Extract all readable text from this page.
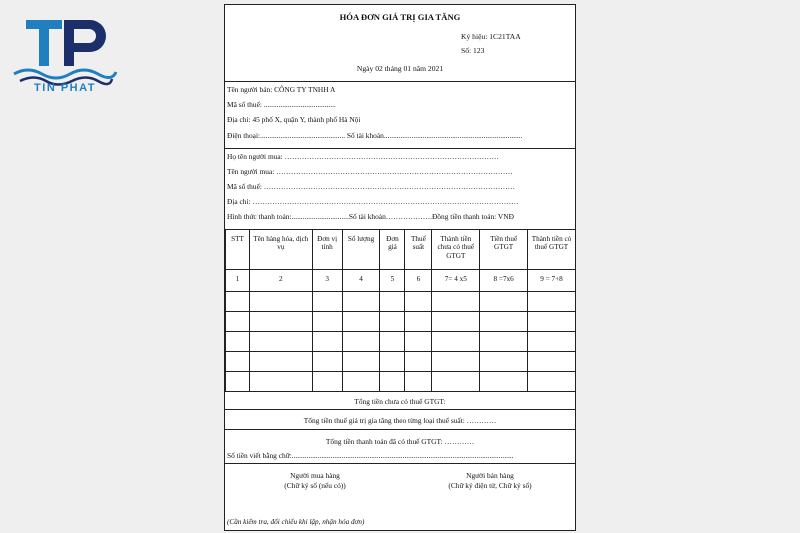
TIN PHAT
HÓA ĐƠN GIÁ TRỊ GIA TĂNG
Ký hiệu: 1C21TAA
Số: 123
Ngày 02 tháng 01 năm 2021
Tên người bán: CÔNG TY TNHH A
Mã số thuế: .......................................
Địa chỉ: 45 phố X, quận Y, thành phố Hà Nội
Điện thoại:.............................................. Số tài khoản...........................................................................
Họ tên người mua: ……………………………………………………………………………
Tên người mua: ……………………………………………………………………………………
Mã số thuế: …………………………………………………………………………………………
Địa chỉ: ………………………………………………………………………………………………
Hình thức thanh toán:...............................Số tài khoản……………….Đồng tiền thanh toán: VNĐ
STT	Tên hàng hóa, dịch vụ	Đơn vị tính	Số lượng	Đơn giá	Thuế suất	Thành tiền chưa có thuế GTGT	Tiền thuế GTGT	Thành tiền có thuế GTGT
1	2	3	4	5	6	7= 4 x5	8 =7x6	9 = 7+8

Tổng tiền chưa có thuế GTGT:
Tổng tiền thuế giá trị gia tăng theo từng loại thuế suất: …………
Tổng tiền thanh toán đã có thuế GTGT: …………
Số tiền viết bằng chữ:........................................................................................................................
Người mua hàng
(Chữ ký số (nếu có))
Người bán hàng
(Chữ ký điện tử, Chữ ký số)
(Cần kiểm tra, đối chiếu khi lập, nhận hóa đơn)
